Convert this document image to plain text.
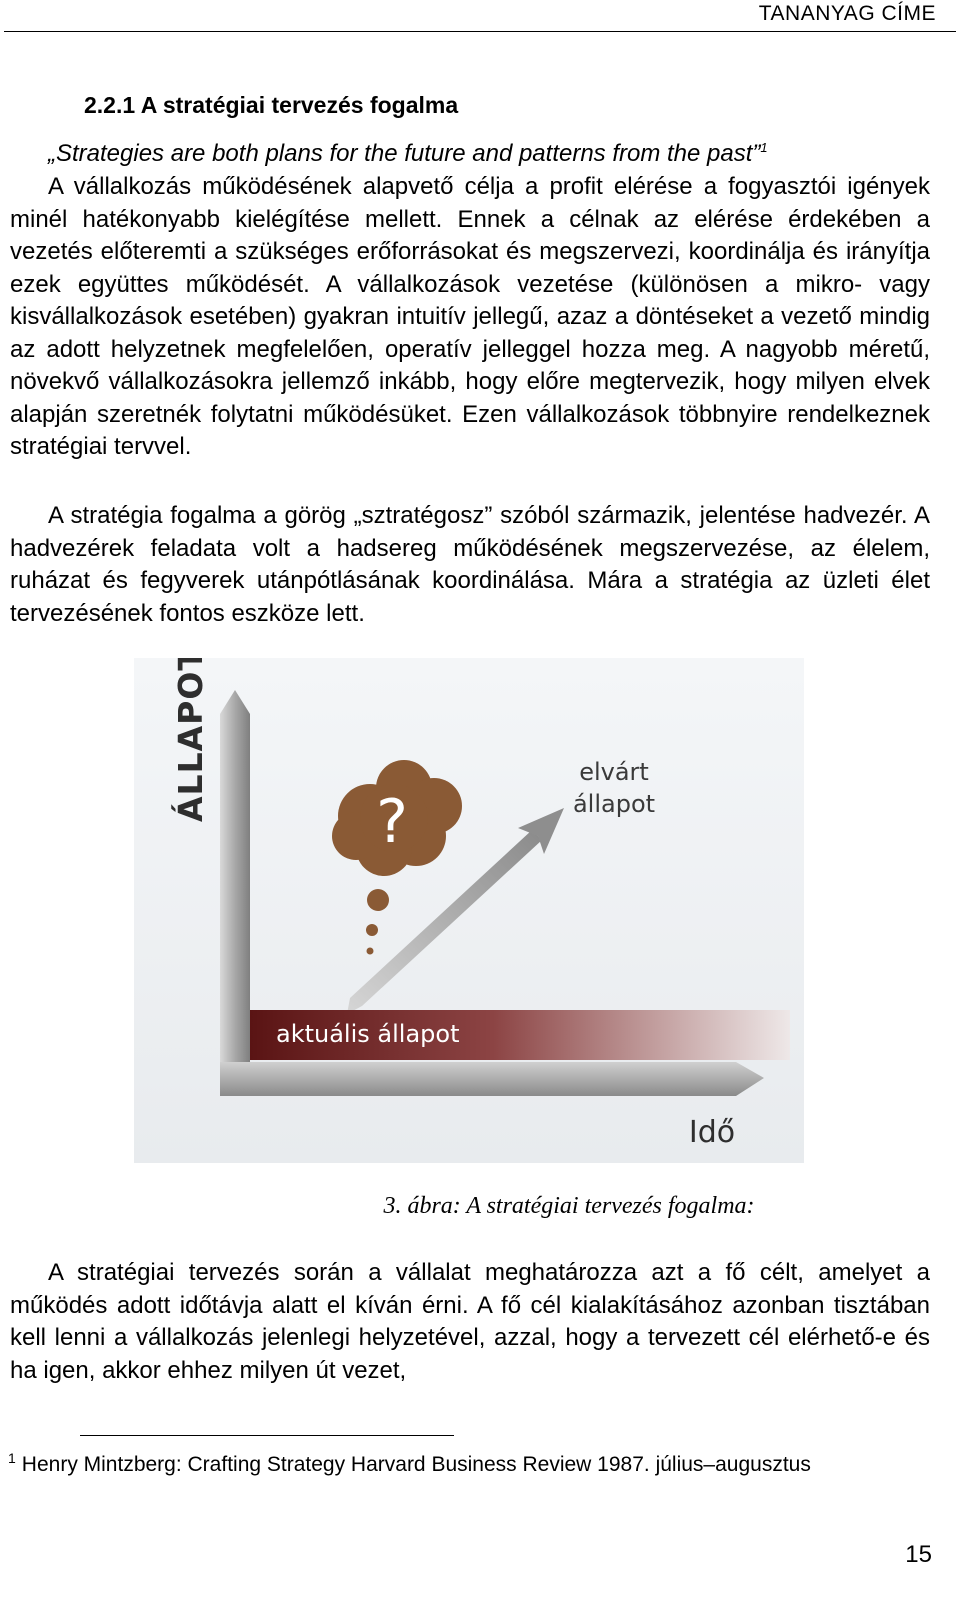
TANANYAG CÍME
2.2.1 A stratégiai tervezés fogalma
„Strategies are both plans for the future and patterns from the past”$^1$

A vállalkozás működésének alapvető célja a profit elérése a fogyasztói igények minél hatékonyabb kielégítése mellett. Ennek a célnak az elérése érdekében a vezetés előteremti a szükséges erőforrásokat és megszervezi, koordinálja és irányítja ezek együttes működését. A vállalkozások vezetése (különösen a mikro- vagy kisvállalkozások esetében) gyakran intuitív jellegű, azaz a döntéseket a vezető mindig az adott helyzetnek megfelelően, operatív jelleggel hozza meg. A nagyobb méretű, növekvő vállalkozásokra jellemző inkább, hogy előre megtervezik, hogy milyen elvek alapján szeretnék folytatni működésüket. Ezen vállalkozások többnyire rendelkeznek stratégiai tervvel.

A stratégia fogalma a görög „sztratégosz” szóból származik, jelentése hadvezér. A hadvezérek feladata volt a hadsereg működésének megszervezése, az élelem, ruházat és fegyverek utánpótlásának koordinálása. Mára a stratégia az üzleti élet tervezésének fontos eszköze lett.

?
ÁLLAPOT
aktuális állapot
elvárt
állapot
Idő
3. ábra: A stratégiai tervezés fogalma:

A stratégiai tervezés során a vállalat meghatározza azt a fő célt, amelyet a működés adott időtávja alatt el kíván érni. A fő cél kialakításához azonban tisztában kell lenni a vállalkozás jelenlegi helyzetével, azzal, hogy a tervezett cél elérhető-e és ha igen, akkor ehhez milyen út vezet,

$^1$ Henry Mintzberg: Crafting Strategy Harvard Business Review 1987. július–augusztus
15
